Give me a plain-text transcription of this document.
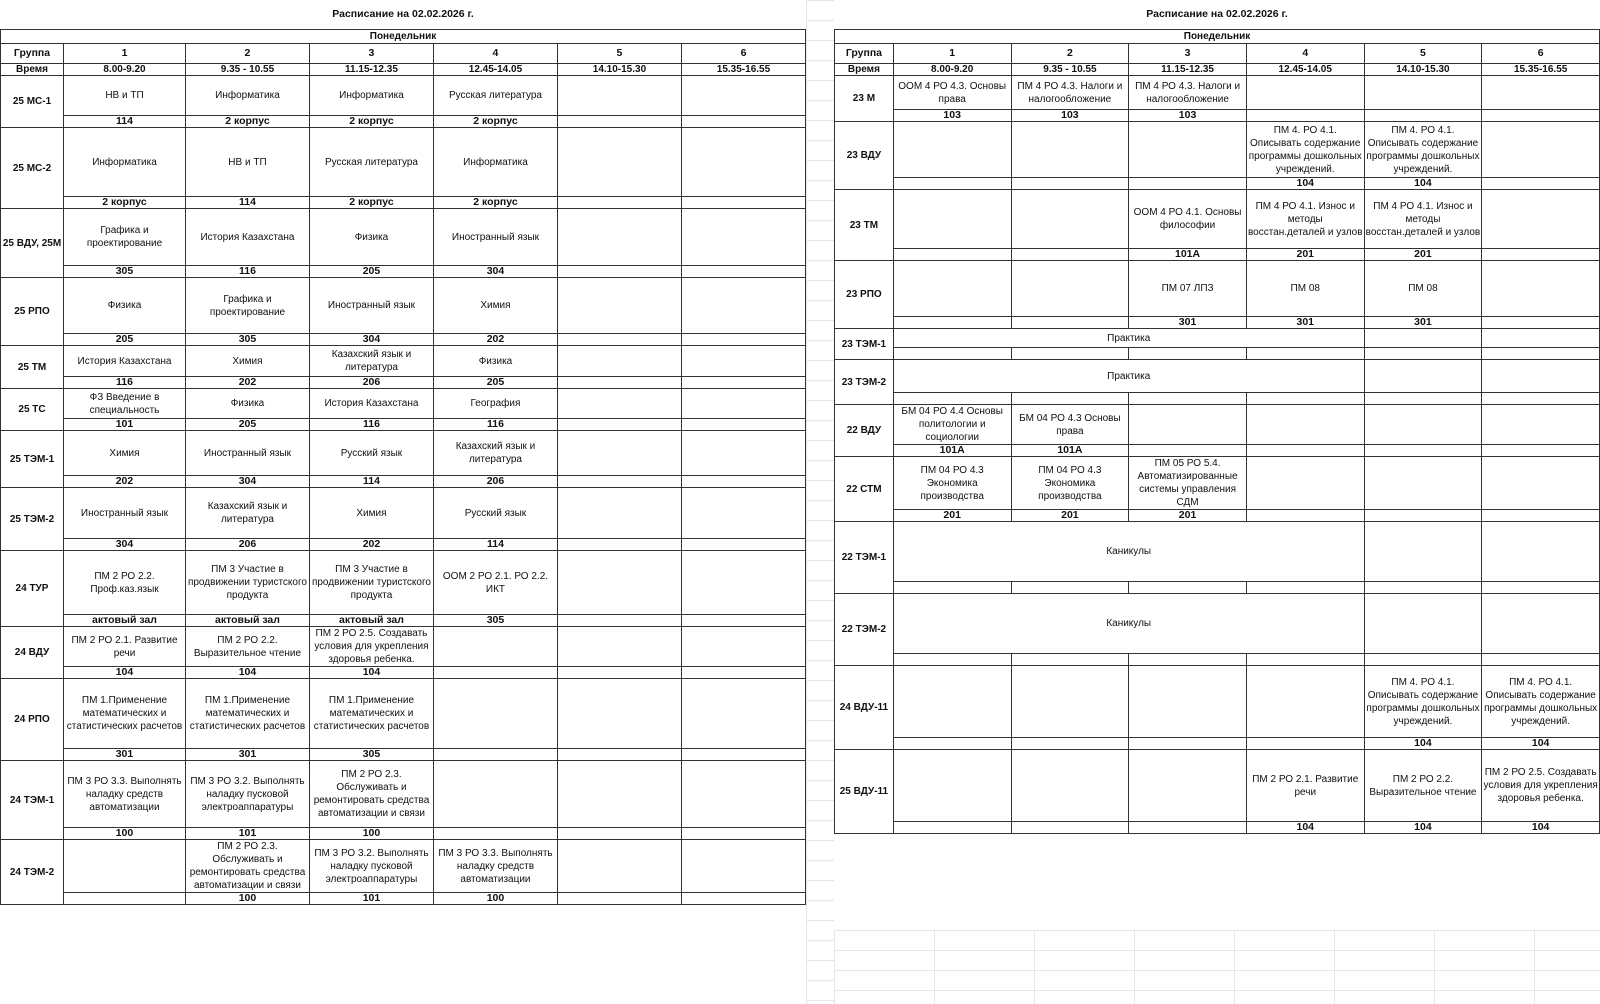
Расписание на 02.02.2026 г.						
Понедельник						
Группа	1	2	3	4	5	6
Время	8.00-9.20	9.35 - 10.55	11.15-12.35	12.45-14.05	14.10-15.30	15.35-16.55
25 МС-1	НВ и ТП	Информатика	Информатика	Русская литература		
	114	2 корпус	2 корпус	2 корпус		
25 МС-2	Информатика	НВ и ТП	Русская литература	Информатика		
	2 корпус	114	2 корпус	2 корпус		
25 ВДУ, 25М	Графика и проектирование	История Казахстана	Физика	Иностранный язык		
	305	116	205	304		
25 РПО	Физика	Графика и проектирование	Иностранный язык	Химия		
	205	305	304	202		
25 ТМ	История Казахстана	Химия	Казахский язык и литература	Физика		
	116	202	206	205		
25 ТС	ФЗ Введение в специальность	Физика	История Казахстана	География		
	101	205	116	116		
25 ТЭМ-1	Химия	Иностранный язык	Русский язык	Казахский язык и литература		
	202	304	114	206		
25 ТЭМ-2	Иностранный язык	Казахский язык и литература	Химия	Русский язык		
	304	206	202	114		
24 ТУР	ПМ 2 РО 2.2. Проф.каз.язык	ПМ 3 Участие в продвижении туристского продукта	ПМ 3 Участие в продвижении туристского продукта	ООМ 2 РО 2.1. РО 2.2. ИКТ		
	актовый зал	актовый зал	актовый зал	305		
24 ВДУ	ПМ 2 РО 2.1. Развитие речи	ПМ 2 РО 2.2. Выразительное чтение	ПМ 2 РО 2.5. Создавать условия для укрепления здоровья ребенка.			
	104	104	104			
24 РПО	ПМ 1.Применение математических и статистических расчетов	ПМ 1.Применение математических и статистических расчетов	ПМ 1.Применение математических и статистических расчетов			
	301	301	305			
24 ТЭМ-1	ПМ 3 РО 3.3. Выполнять наладку средств автоматизации	ПМ 3 РО 3.2. Выполнять наладку пусковой электроаппаратуры	ПМ 2 РО 2.3. Обслуживать и ремонтировать средства автоматизации и связи			
	100	101	100			
24 ТЭМ-2		ПМ 2 РО 2.3. Обслуживать и ремонтировать средства автоматизации и связи	ПМ 3 РО 3.2. Выполнять наладку пусковой электроаппаратуры	ПМ 3 РО 3.3. Выполнять наладку средств автоматизации		
		100	101	100		
Расписание на 02.02.2026 г.						
Понедельник						
Группа	1	2	3	4	5	6
Время	8.00-9.20	9.35 - 10.55	11.15-12.35	12.45-14.05	14.10-15.30	15.35-16.55
23 М	ООМ 4 РО 4.3. Основы права	ПМ 4 РО 4.3. Налоги и налогообложение	ПМ 4 РО 4.3. Налоги и налогообложение			
	103	103	103			
23 ВДУ				ПМ 4. РО 4.1. Описывать содержание программы дошкольных учреждений.	ПМ 4. РО 4.1. Описывать содержание программы дошкольных учреждений.	
				104	104	
23 ТМ			ООМ 4 РО 4.1. Основы философии	ПМ 4 РО 4.1. Износ и методы восстан.деталей и узлов	ПМ 4 РО 4.1. Износ и методы восстан.деталей и узлов	
			101А	201	201	
23 РПО			ПМ 07 ЛПЗ	ПМ 08	ПМ 08	
			301	301	301	
23 ТЭМ-1	Практика					

23 ТЭМ-2	Практика					

22 ВДУ	БМ 04 РО 4.4 Основы политологии и социологии	БМ 04 РО 4.3 Основы права				
	101А	101А				
22 СТМ	ПМ 04 РО 4.3 Экономика производства	ПМ 04 РО 4.3 Экономика производства	ПМ 05 РО 5.4. Автоматизированные системы управления СДМ			
	201	201	201			
22 ТЭМ-1	Каникулы					

22 ТЭМ-2	Каникулы					

24 ВДУ-11					ПМ 4. РО 4.1. Описывать содержание программы дошкольных учреждений.	ПМ 4. РО 4.1. Описывать содержание программы дошкольных учреждений.
					104	104
25 ВДУ-11				ПМ 2 РО 2.1. Развитие речи	ПМ 2 РО 2.2. Выразительное чтение	ПМ 2 РО 2.5. Создавать условия для укрепления здоровья ребенка.
				104	104	104
